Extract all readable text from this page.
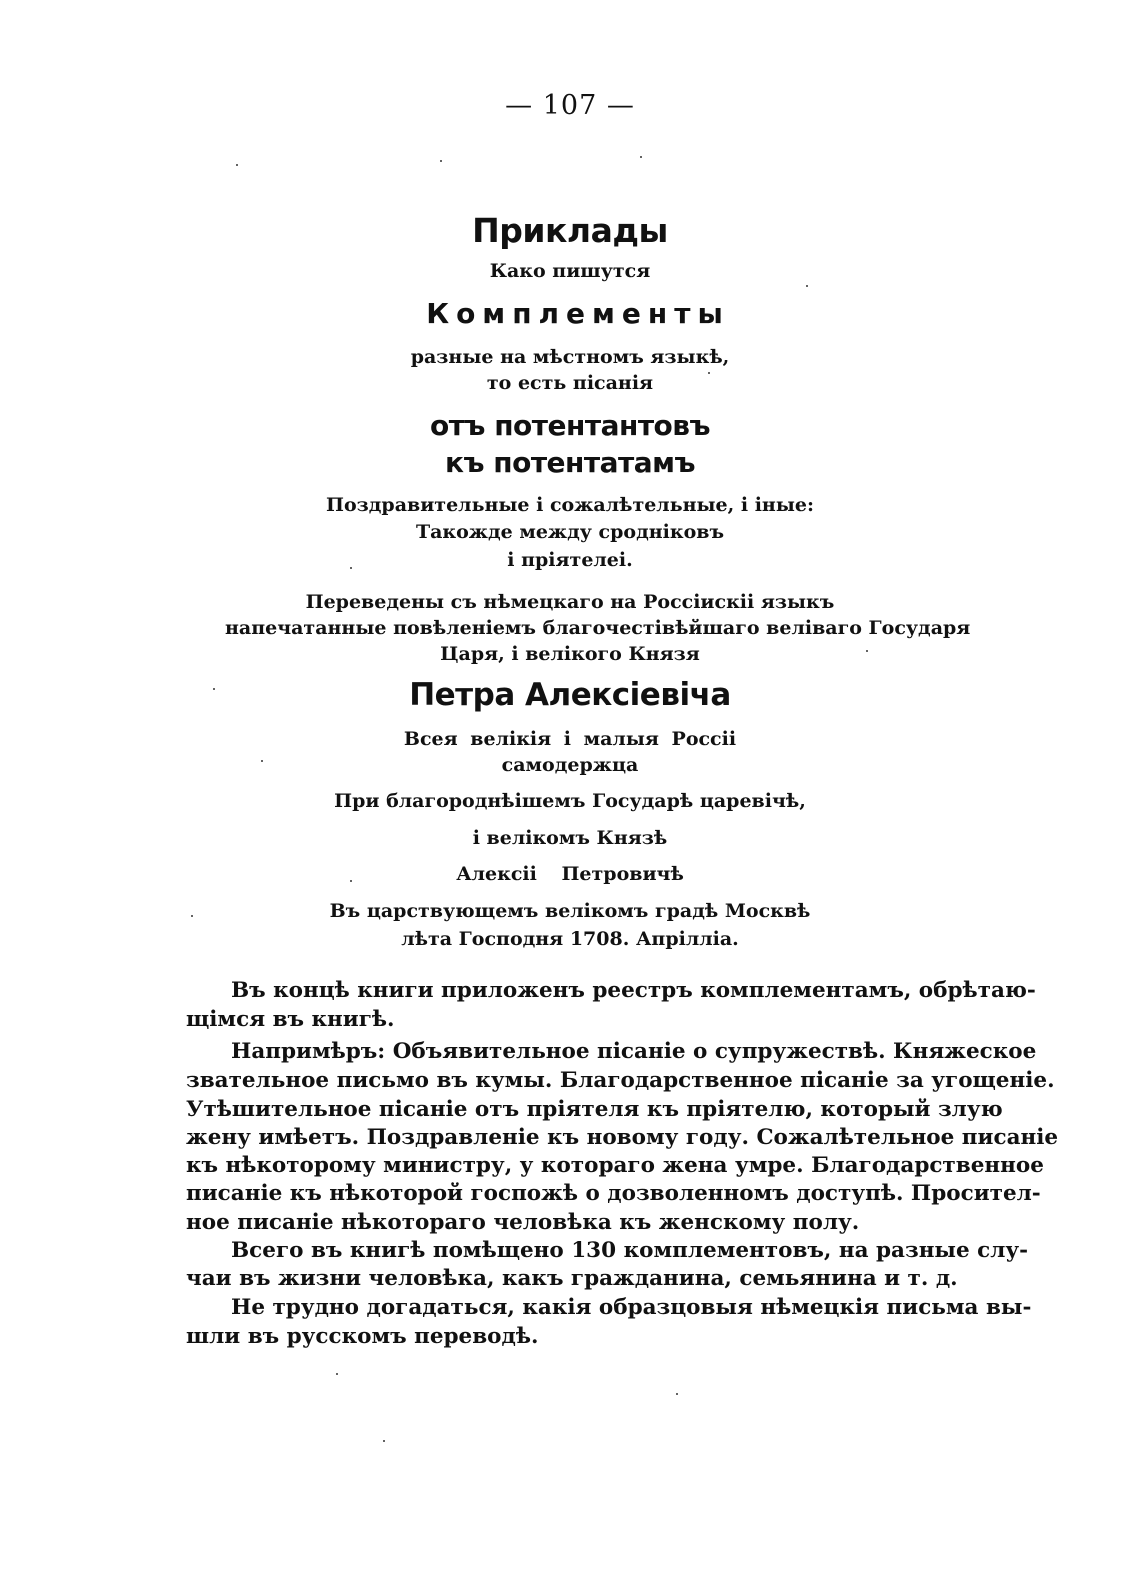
— 107 —
Приклады
Како пишутся
Комплементы
разные на мѣстномъ языкѣ,
то есть пісанія
отъ потентантовъ
къ потентатамъ
Поздравительные і сожалѣтельные, і іные:
Такожде между сродніковъ
і пріятелеі.
Переведены съ нѣмецкаго на Россіискіі языкъ
напечатанные повѣленіемъ благочестівѣйшаго веліваго Государя
Царя, і велікого Князя
Петра Алексіевіча
Всея велікія і малыя Россіі
самодержца
При благороднѣішемъ Государѣ царевічѣ,
і велікомъ Князѣ
Алексіі Петровичѣ
Въ царствующемъ велікомъ градѣ Москвѣ
лѣта Господня 1708. Апрілліа.
Въ концѣ книги приложенъ реестръ комплементамъ, обрѣтаю-
щімся въ книгѣ.
Напримѣръ: Объявительное пісаніе о супружествѣ. Княжеское
звательное письмо въ кумы. Благодарственное пісаніе за угощеніе.
Утѣшительное пісаніе отъ пріятеля къ пріятелю, который злую
жену имѣетъ. Поздравленіе къ новому году. Сожалѣтельное писаніе
къ нѣкоторому министру, у котораго жена умре. Благодарственное
писаніе къ нѣкоторой госпожѣ о дозволенномъ доступѣ. Просител-
ное писаніе нѣкотораго человѣка къ женскому полу.
Всего въ книгѣ помѣщено 130 комплементовъ, на разные слу-
чаи въ жизни человѣка, какъ гражданина, семьянина и т. д.
Не трудно догадаться, какія образцовыя нѣмецкія письма вы-
шли въ русскомъ переводѣ.
